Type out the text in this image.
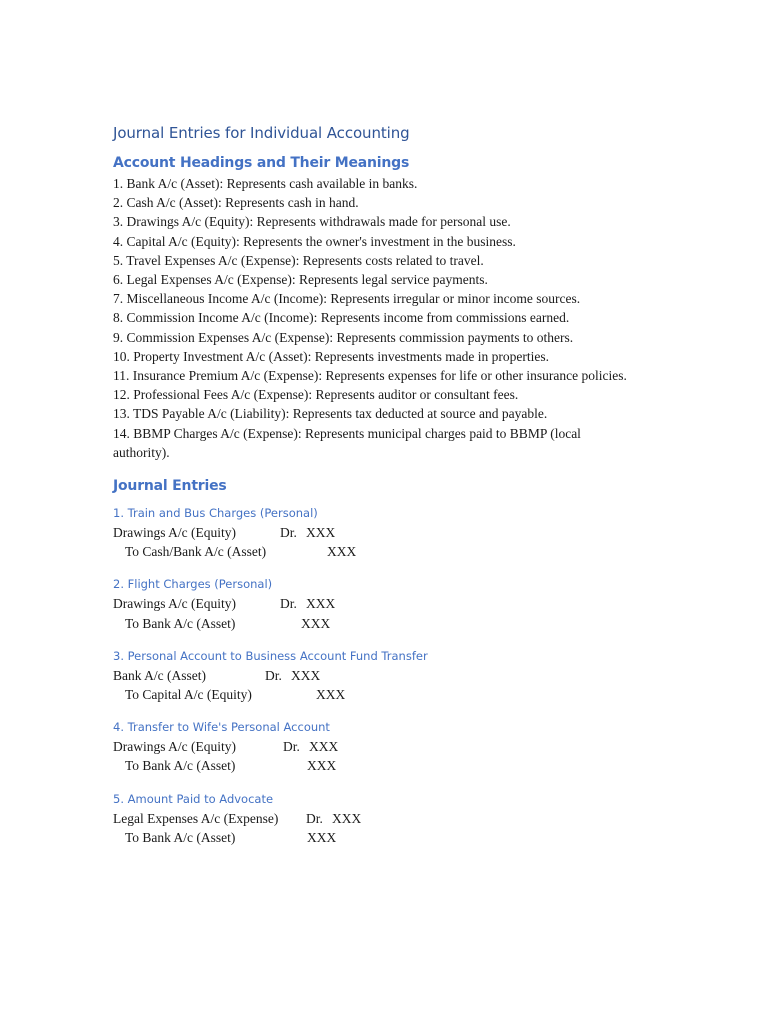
Journal Entries for Individual Accounting
Account Headings and Their Meanings
1. Bank A/c (Asset): Represents cash available in banks.
2. Cash A/c (Asset): Represents cash in hand.
3. Drawings A/c (Equity): Represents withdrawals made for personal use.
4. Capital A/c (Equity): Represents the owner's investment in the business.
5. Travel Expenses A/c (Expense): Represents costs related to travel.
6. Legal Expenses A/c (Expense): Represents legal service payments.
7. Miscellaneous Income A/c (Income): Represents irregular or minor income sources.
8. Commission Income A/c (Income): Represents income from commissions earned.
9. Commission Expenses A/c (Expense): Represents commission payments to others.
10. Property Investment A/c (Asset): Represents investments made in properties.
11. Insurance Premium A/c (Expense): Represents expenses for life or other insurance policies.
12. Professional Fees A/c (Expense): Represents auditor or consultant fees.
13. TDS Payable A/c (Liability): Represents tax deducted at source and payable.
14. BBMP Charges A/c (Expense): Represents municipal charges paid to BBMP (local authority).
Journal Entries
1. Train and Bus Charges (Personal)
Drawings A/c (Equity)	Dr. XXX
To Cash/Bank A/c (Asset)	XXX
2. Flight Charges (Personal)
Drawings A/c (Equity)	Dr. XXX
To Bank A/c (Asset)	XXX
3. Personal Account to Business Account Fund Transfer
Bank A/c (Asset)	Dr. XXX
To Capital A/c (Equity)	XXX
4. Transfer to Wife's Personal Account
Drawings A/c (Equity)	Dr. XXX
To Bank A/c (Asset)	XXX
5. Amount Paid to Advocate
Legal Expenses A/c (Expense) Dr. XXX
To Bank A/c (Asset)	XXX
